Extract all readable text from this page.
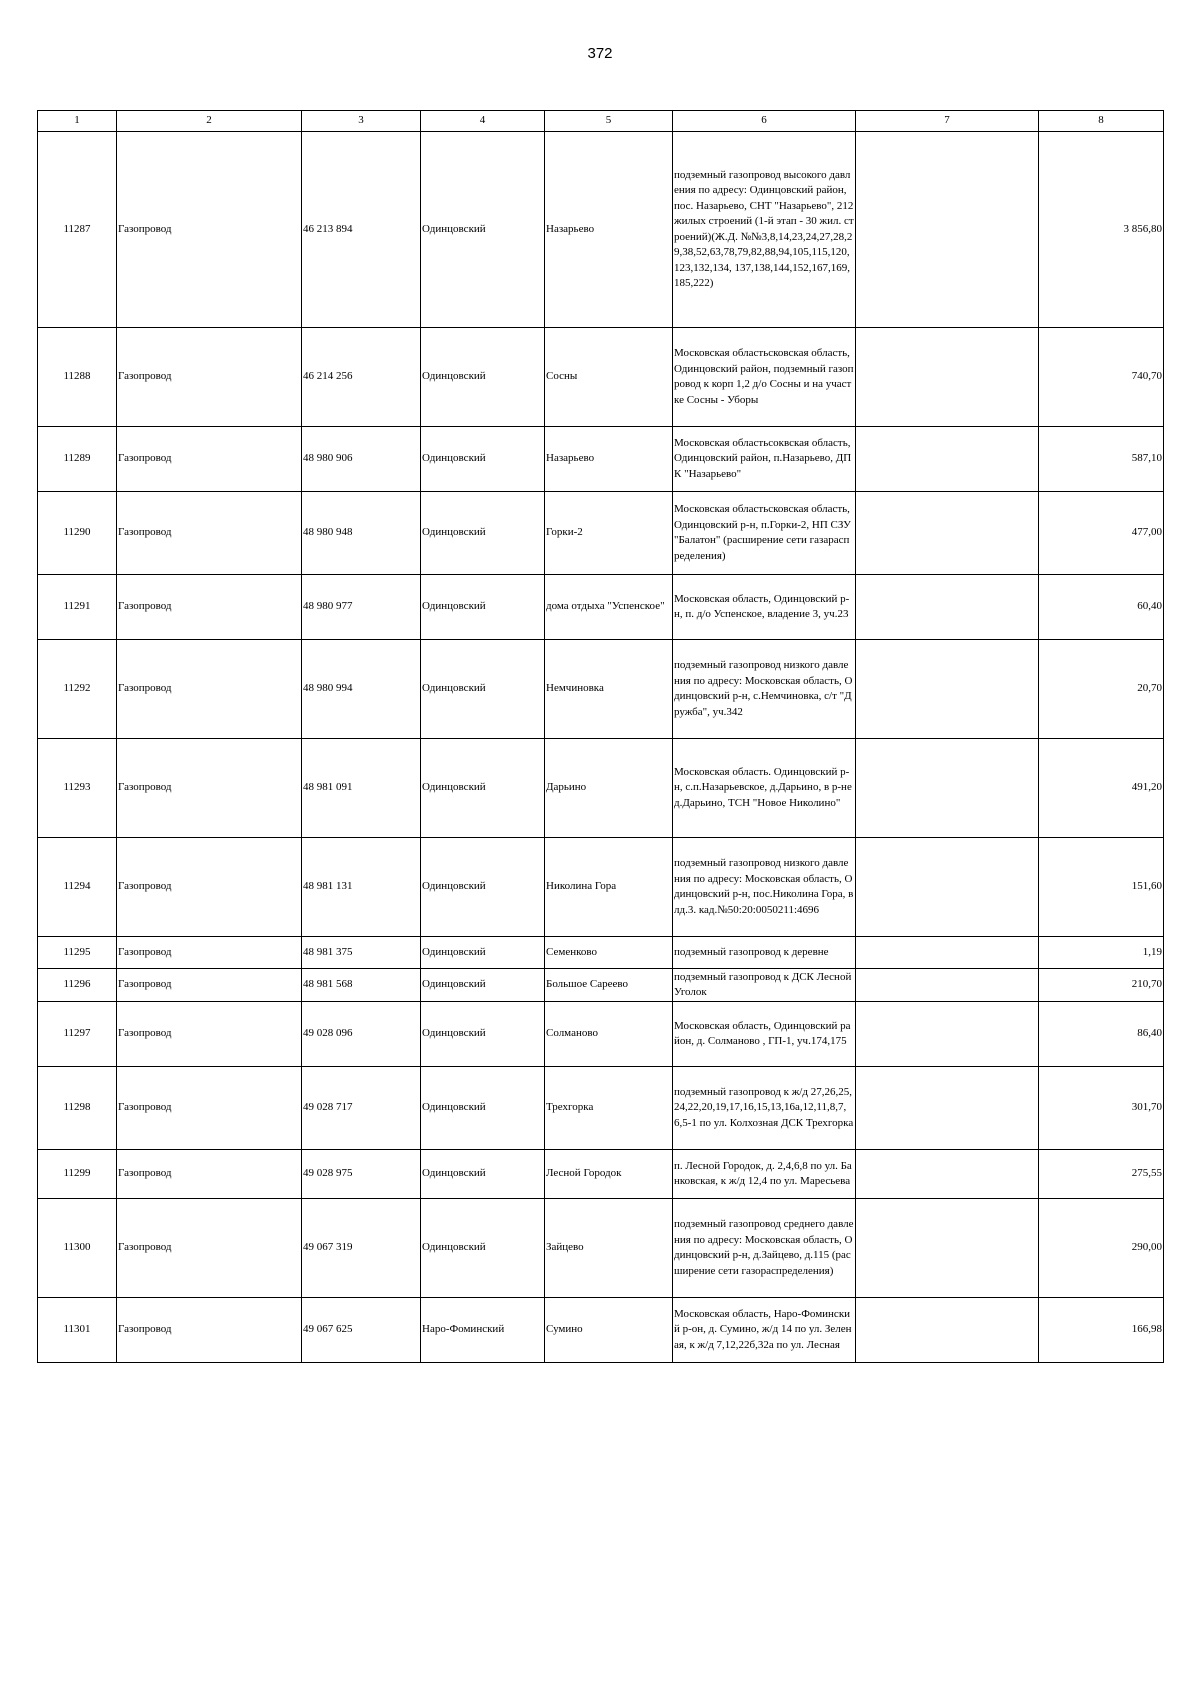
372
1	2	3	4	5	6	7	8
11287	Газопровод	46 213 894	Одинцовский	Назарьево	подземный газопровод высокого давления по адресу: Одинцовский район, пос. Назарьево, СНТ "Назарьево", 212 жилых строений (1-й этап - 30 жил. строений)(Ж.Д. №№3,8,14,23,24,27,28,29,38,52,63,78,79,82,88,94,105,115,120,123,132,134, 137,138,144,152,167,169,185,222)		3 856,80
11288	Газопровод	46 214 256	Одинцовский	Сосны	Московская областьсковская область, Одинцовский район, подземный газопровод к корп 1,2 д/о Сосны и на участке Сосны - Уборы		740,70
11289	Газопровод	48 980 906	Одинцовский	Назарьево	Московская областьсоквская область, Одинцовский район, п.Назарьево, ДПК "Назарьево"		587,10
11290	Газопровод	48 980 948	Одинцовский	Горки-2	Московская областьсковская область, Одинцовский р-н, п.Горки-2, НП СЗУ "Балатон" (расширение сети газараспределения)		477,00
11291	Газопровод	48 980 977	Одинцовский	дома отдыха "Успенское"	Московская область, Одинцовский р-н, п. д/о Успенское, владение 3, уч.23		60,40
11292	Газопровод	48 980 994	Одинцовский	Немчиновка	подземный газопровод низкого давления по адресу: Московская область, Одинцовский р-н, с.Немчиновка, с/т "Дружба", уч.342		20,70
11293	Газопровод	48 981 091	Одинцовский	Дарьино	Московская область. Одинцовский р-н, с.п.Назарьевское, д.Дарьино, в р-не д.Дарьино, ТСН "Новое Николино"		491,20
11294	Газопровод	48 981 131	Одинцовский	Николина Гора	подземный газопровод низкого давления по адресу: Московская область, Одинцовский р-н, пос.Николина Гора, влд.3. кад.№50:20:0050211:4696		151,60
11295	Газопровод	48 981 375	Одинцовский	Семенково	подземный газопровод к деревне		1,19
11296	Газопровод	48 981 568	Одинцовский	Большое Сареево	подземный газопровод к ДСК Лесной Уголок		210,70
11297	Газопровод	49 028 096	Одинцовский	Солманово	Московская область, Одинцовский район, д. Солманово , ГП-1, уч.174,175		86,40
11298	Газопровод	49 028 717	Одинцовский	Трехгорка	подземный газопровод к ж/д 27,26,25,24,22,20,19,17,16,15,13,16а,12,11,8,7,6,5-1 по ул. Колхозная ДСК Трехгорка		301,70
11299	Газопровод	49 028 975	Одинцовский	Лесной Городок	п. Лесной Городок, д. 2,4,6,8 по ул. Банковская, к ж/д 12,4 по ул. Маресьева		275,55
11300	Газопровод	49 067 319	Одинцовский	Зайцево	подземный газопровод среднего давления по адресу: Московская область, Одинцовский р-н, д.Зайцево, д.115 (расширение сети газораспределения)		290,00
11301	Газопровод	49 067 625	Наро-Фоминский	Сумино	Московская область, Наро-Фоминский р-он, д. Сумино, ж/д 14 по ул. Зеленая, к ж/д 7,12,22б,32а по ул. Лесная		166,98
